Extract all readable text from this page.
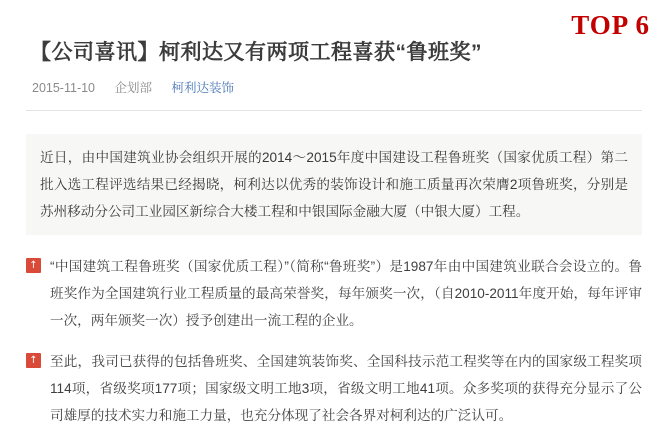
TOP 6
【公司喜讯】柯利达又有两项工程喜获“鲁班奖”
2015-11-10 企划部 柯利达装饰
近日，由中国建筑业协会组织开展的2014～2015年度中国建设工程鲁班奖（国家优质工程）第二批入选工程评选结果已经揭晓，柯利达以优秀的装饰设计和施工质量再次荣膺2项鲁班奖，分别是苏州移动分公司工业园区新综合大楼工程和中银国际金融大厦（中银大厦）工程。
↑ “中国建筑工程鲁班奖（国家优质工程）”（简称“鲁班奖”）是1987年由中国建筑业联合会设立的。鲁班奖作为全国建筑行业工程质量的最高荣誉奖，每年颁奖一次，（自2010-2011年度开始，每年评审一次，两年颁奖一次）授予创建出一流工程的企业。
↑ 至此，我司已获得的包括鲁班奖、全国建筑装饰奖、全国科技示范工程奖等在内的国家级工程奖项114项，省级奖项177项；国家级文明工地3项，省级文明工地41项。众多奖项的获得充分显示了公司雄厚的技术实力和施工力量，也充分体现了社会各界对柯利达的广泛认可。
